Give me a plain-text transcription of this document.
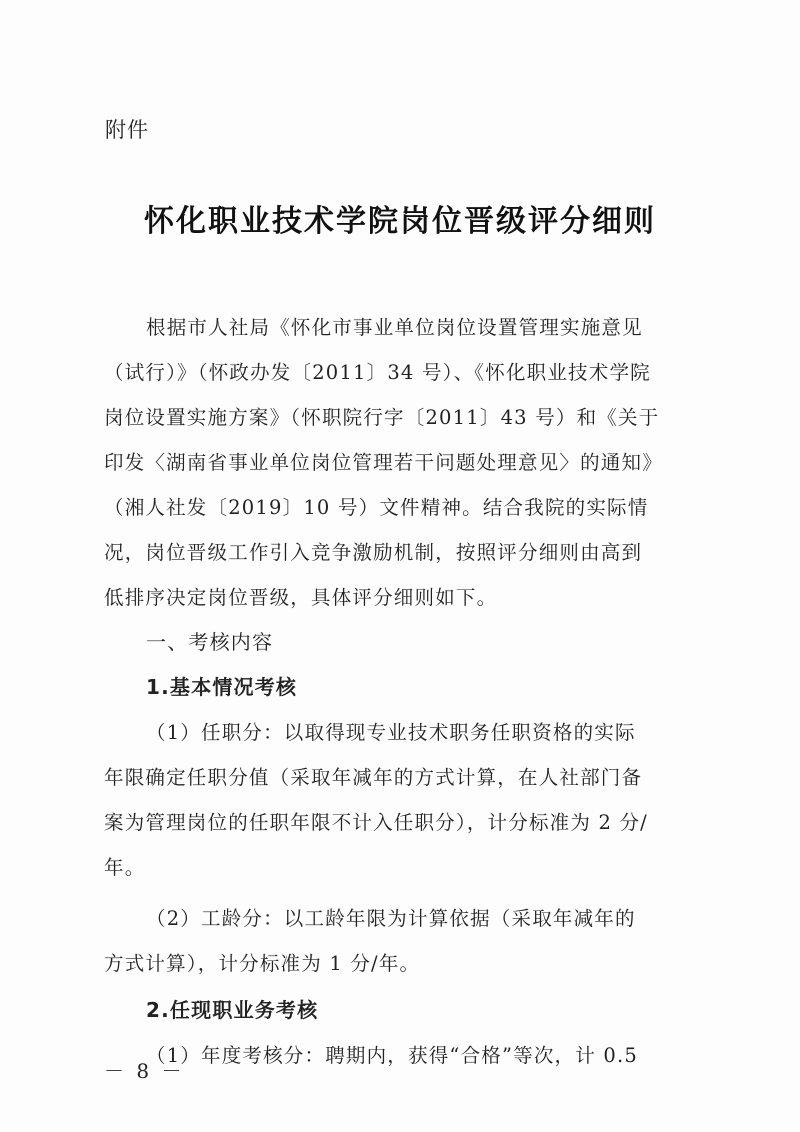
附件
怀化职业技术学院岗位晋级评分细则
根据市人社局《怀化市事业单位岗位设置管理实施意见
（试行）》（怀政办发〔2011〕34 号）、《怀化职业技术学院
岗位设置实施方案》（怀职院行字〔2011〕43 号）和《关于
印发〈湖南省事业单位岗位管理若干问题处理意见〉的通知》
（湘人社发〔2019〕10 号）文件精神。结合我院的实际情
况，岗位晋级工作引入竞争激励机制，按照评分细则由高到
低排序决定岗位晋级，具体评分细则如下。
一、考核内容
1.基本情况考核
（1）任职分：以取得现专业技术职务任职资格的实际
年限确定任职分值（采取年减年的方式计算，在人社部门备
案为管理岗位的任职年限不计入任职分），计分标准为 2 分/
年。
（2）工龄分：以工龄年限为计算依据（采取年减年的
方式计算），计分标准为 1 分/年。
2.任现职业务考核
（1）年度考核分：聘期内，获得“合格”等次，计 0.5
－ 8 －
